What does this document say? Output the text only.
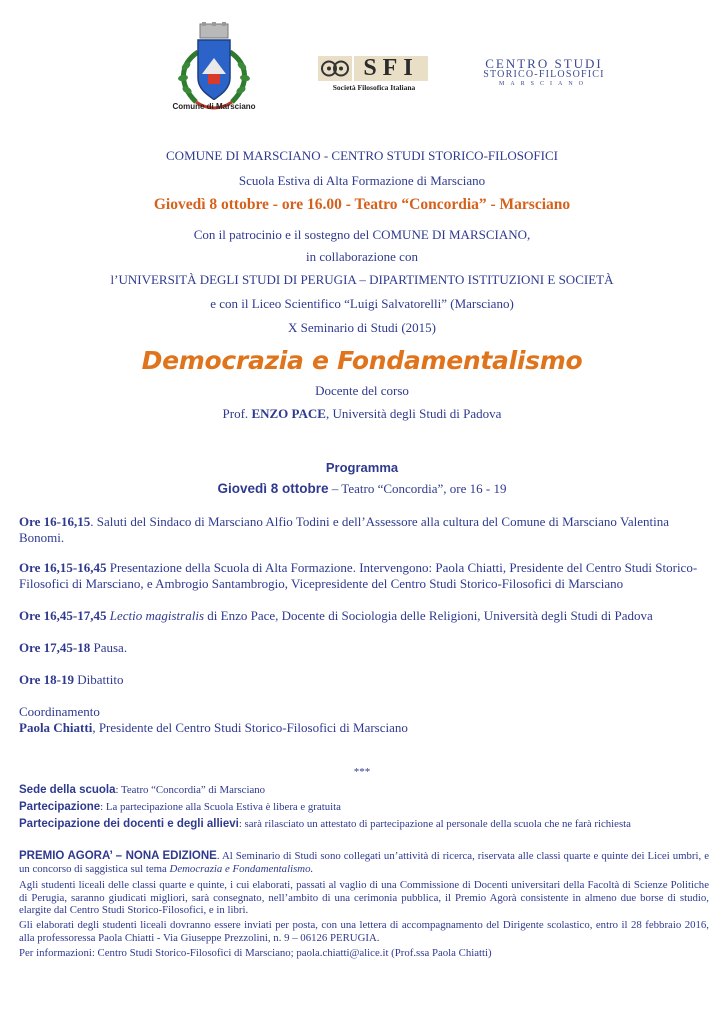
Comune di Marsciano
SFI
Società Filosofica Italiana
CENTRO STUDI
STORICO-FILOSOFICI
MARSCIANO
COMUNE DI MARSCIANO - CENTRO STUDI STORICO-FILOSOFICI
Scuola Estiva di Alta Formazione di Marsciano
Giovedì 8 ottobre - ore 16.00 - Teatro “Concordia” - Marsciano
Con il patrocinio e il sostegno del COMUNE DI MARSCIANO,
in collaborazione con
l’UNIVERSITÀ DEGLI STUDI DI PERUGIA – DIPARTIMENTO ISTITUZIONI E SOCIETÀ
e con il Liceo Scientifico “Luigi Salvatorelli” (Marsciano)
X Seminario di Studi (2015)
Democrazia e Fondamentalismo
Docente del corso
Prof. ENZO PACE, Università degli Studi di Padova
Programma
Giovedì 8 ottobre – Teatro “Concordia”, ore 16 - 19
Ore 16-16,15. Saluti del Sindaco di Marsciano Alfio Todini e dell’Assessore alla cultura del Comune di Marsciano Valentina Bonomi.
Ore 16,15-16,45 Presentazione della Scuola di Alta Formazione. Intervengono: Paola Chiatti, Presidente del Centro Studi Storico-Filosofici di Marsciano, e Ambrogio Santambrogio, Vicepresidente del Centro Studi Storico-Filosofici di Marsciano
Ore 16,45-17,45 Lectio magistralis di Enzo Pace, Docente di Sociologia delle Religioni, Università degli Studi di Padova
Ore 17,45-18 Pausa.
Ore 18-19 Dibattito
Coordinamento
Paola Chiatti, Presidente del Centro Studi Storico-Filosofici di Marsciano
***
Sede della scuola: Teatro “Concordia” di Marsciano
Partecipazione: La partecipazione alla Scuola Estiva è libera e gratuita
Partecipazione dei docenti e degli allievi: sarà rilasciato un attestato di partecipazione al personale della scuola che ne farà richiesta
PREMIO AGORA’ – NONA EDIZIONE. Al Seminario di Studi sono collegati un’attività di ricerca, riservata alle classi quarte e quinte dei Licei umbri, e un concorso di saggistica sul tema Democrazia e Fondamentalismo.
Agli studenti liceali delle classi quarte e quinte, i cui elaborati, passati al vaglio di una Commissione di Docenti universitari della Facoltà di Scienze Politiche di Perugia, saranno giudicati migliori, sarà consegnato, nell’ambito di una cerimonia pubblica, il Premio Agorà consistente in almeno due borse di studio, elargite dal Centro Studi Storico-Filosofici, e in libri.
Gli elaborati degli studenti liceali dovranno essere inviati per posta, con una lettera di accompagnamento del Dirigente scolastico, entro il 28 febbraio 2016, alla professoressa Paola Chiatti - Via Giuseppe Prezzolini, n. 9 – 06126 PERUGIA.
Per informazioni: Centro Studi Storico-Filosofici di Marsciano; paola.chiatti@alice.it (Prof.ssa Paola Chiatti)
